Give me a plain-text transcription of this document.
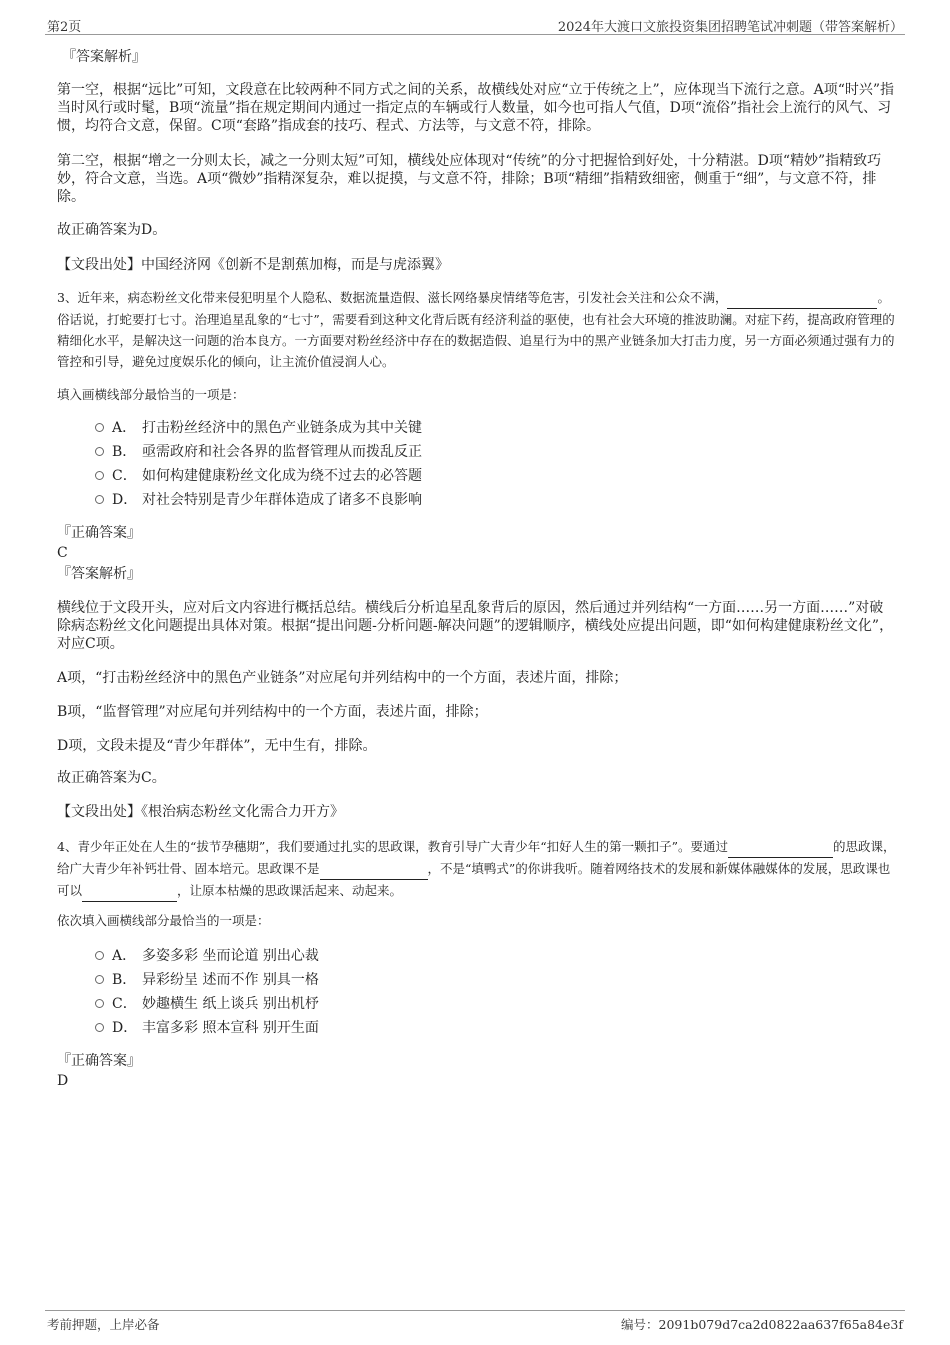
第2页	2024年大渡口文旅投资集团招聘笔试冲刺题（带答案解析）
『答案解析』

第一空，根据“远比”可知，文段意在比较两种不同方式之间的关系，故横线处对应“立于传统之上”，应体现当下流行之意。A项“时兴”指当时风行或时髦，B项“流量”指在规定期间内通过一指定点的车辆或行人数量，如今也可指人气值，D项“流俗”指社会上流行的风气、习惯，均符合文意，保留。C项“套路”指成套的技巧、程式、方法等，与文意不符，排除。

第二空，根据“增之一分则太长，减之一分则太短”可知，横线处应体现对“传统”的分寸把握恰到好处，十分精湛。D项“精妙”指精致巧妙，符合文意，当选。A项“微妙”指精深复杂，难以捉摸，与文意不符，排除；B项“精细”指精致细密，侧重于“细”，与文意不符，排除。

故正确答案为D。
【文段出处】中国经济网《创新不是割蕉加梅，而是与虎添翼》

3、近年来，病态粉丝文化带来侵犯明星个人隐私、数据流量造假、滋长网络暴戾情绪等危害，引发社会关注和公众不满，	。俗话说，打蛇要打七寸。治理追星乱象的“七寸”，需要看到这种文化背后既有经济利益的驱使，也有社会大环境的推波助澜。对症下药，提高政府管理的精细化水平，是解决这一问题的治本良方。一方面要对粉丝经济中存在的数据造假、追星行为中的黑产业链条加大打击力度，另一方面必须通过强有力的管控和引导，避免过度娱乐化的倾向，让主流价值浸润人心。

填入画横线部分最恰当的一项是：
A． 打击粉丝经济中的黑色产业链条成为其中关键
B． 亟需政府和社会各界的监督管理从而拨乱反正
C． 如何构建健康粉丝文化成为绕不过去的必答题
D． 对社会特别是青少年群体造成了诸多不良影响
『正确答案』
C
『答案解析』

横线位于文段开头，应对后文内容进行概括总结。横线后分析追星乱象背后的原因，然后通过并列结构“一方面……另一方面……”对破除病态粉丝文化问题提出具体对策。根据“提出问题-分析问题-解决问题”的逻辑顺序，横线处应提出问题，即“如何构建健康粉丝文化”，对应C项。

A项，“打击粉丝经济中的黑色产业链条”对应尾句并列结构中的一个方面，表述片面，排除；

B项，“监督管理”对应尾句并列结构中的一个方面，表述片面，排除；

D项，文段未提及“青少年群体”，无中生有，排除。

故正确答案为C。
【文段出处】《根治病态粉丝文化需合力开方》

4、青少年正处在人生的“拔节孕穗期”，我们要通过扎实的思政课，教育引导广大青少年“扣好人生的第一颗扣子”。要通过	的思政课，给广大青少年补钙壮骨、固本培元。思政课不是	，不是“填鸭式”的你讲我听。随着网络技术的发展和新媒体融媒体的发展，思政课也可以	，让原本枯燥的思政课活起来、动起来。

依次填入画横线部分最恰当的一项是：
A． 多姿多彩 坐而论道 别出心裁
B． 异彩纷呈 述而不作 别具一格
C． 妙趣横生 纸上谈兵 别出机杼
D． 丰富多彩 照本宣科 别开生面
『正确答案』
D
考前押题，上岸必备	编号：2091b079d7ca2d0822aa637f65a84e3f
